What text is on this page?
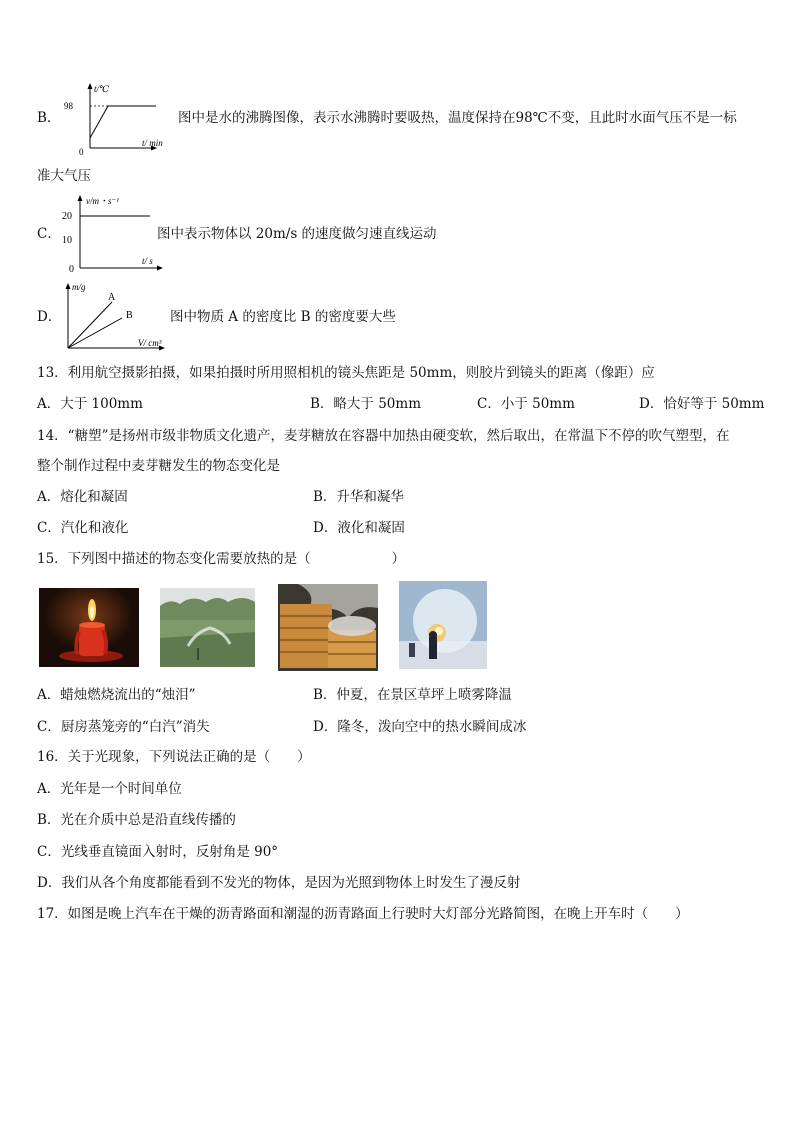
B．
t/℃
98
0
t/ min
图中是水的沸腾图像，表示水沸腾时要吸热，温度保持在98℃不变，且此时水面气压不是一标
准大气压
C．
v/m・s⁻¹
20
10
0
t/ s
图中表示物体以 20m/s 的速度做匀速直线运动
D．
m/g
A
B
V/ cm³
图中物质 A 的密度比 B 的密度要大些
13．利用航空摄影拍摄，如果拍摄时所用照相机的镜头焦距是 50mm，则胶片到镜头的距离（像距）应
A．大于 100mm	B．略大于 50mm	C．小于 50mm	D．恰好等于 50mm
14．“糖塑”是扬州市级非物质文化遗产，麦芽糖放在容器中加热由硬变软，然后取出，在常温下不停的吹气塑型，在
整个制作过程中麦芽糖发生的物态变化是
A．熔化和凝固	B．升华和凝华
C．汽化和液化	D．液化和凝固
15．下列图中描述的物态变化需要放热的是（　　　　　　）
A．蜡烛燃烧流出的“烛泪”	B．仲夏，在景区草坪上喷雾降温
C．厨房蒸笼旁的“白汽”消失	D．隆冬，泼向空中的热水瞬间成冰
16．关于光现象，下列说法正确的是（　　）
A．光年是一个时间单位
B．光在介质中总是沿直线传播的
C．光线垂直镜面入射时，反射角是 90°
D．我们从各个角度都能看到不发光的物体，是因为光照到物体上时发生了漫反射
17．如图是晚上汽车在干燥的沥青路面和潮湿的沥青路面上行驶时大灯部分光路简图，在晚上开车时（　　）
